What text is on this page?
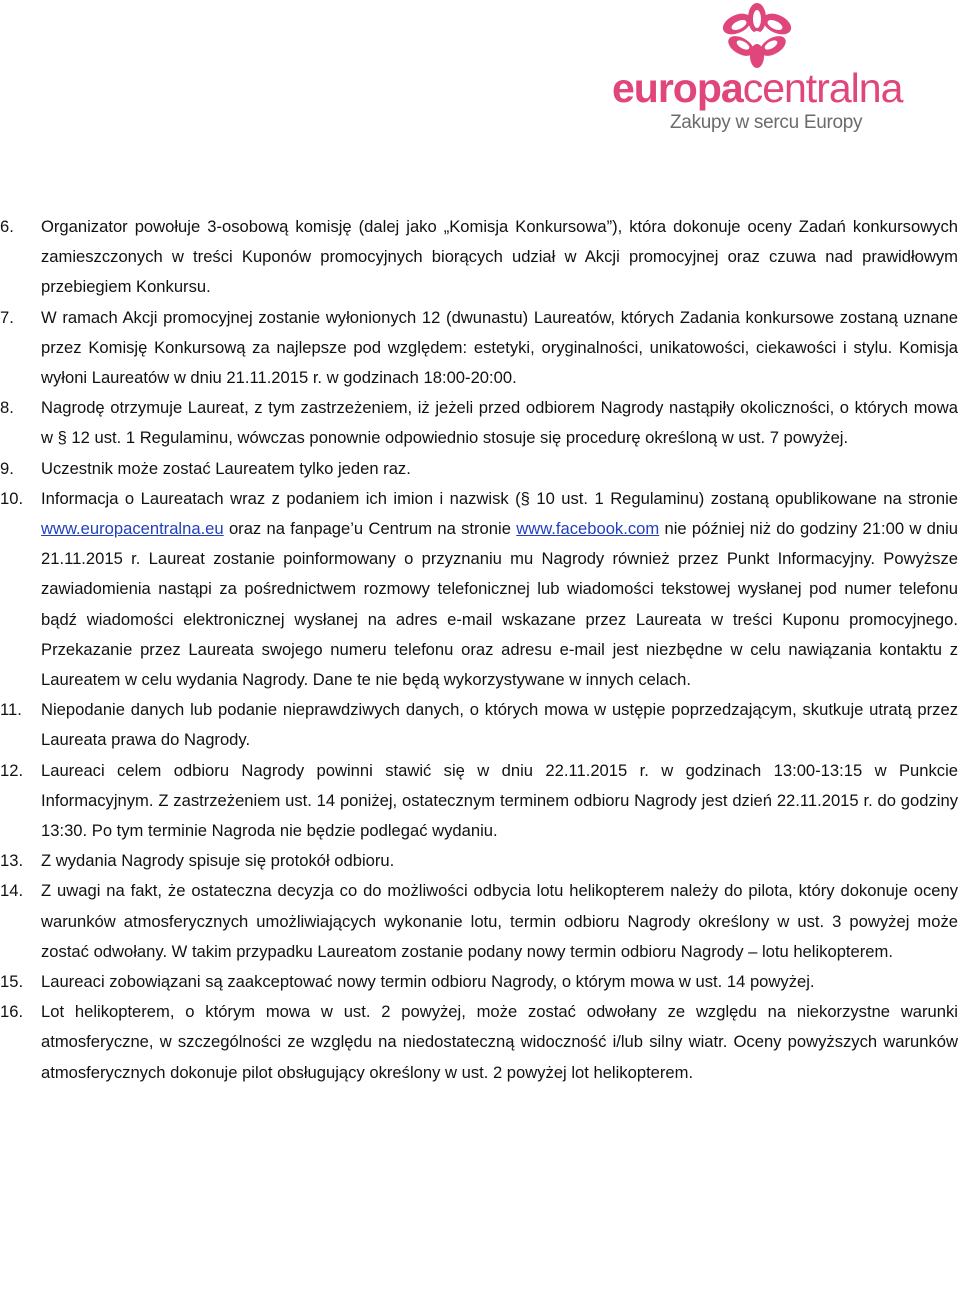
europacentralna
Zakupy w sercu Europy
6.	Organizator powołuje 3-osobową komisję (dalej jako „Komisja Konkursowa”), która dokonuje oceny Zadań konkursowych zamieszczonych w treści Kuponów promocyjnych biorących udział w Akcji promocyjnej oraz czuwa nad prawidłowym przebiegiem Konkursu.
7.	W ramach Akcji promocyjnej zostanie wyłonionych 12 (dwunastu) Laureatów, których Zadania konkursowe zostaną uznane przez Komisję Konkursową za najlepsze pod względem: estetyki, oryginalności, unikatowości, ciekawości i stylu. Komisja wyłoni Laureatów w dniu 21.11.2015 r. w godzinach 18:00-20:00.
8.	Nagrodę otrzymuje Laureat, z tym zastrzeżeniem, iż jeżeli przed odbiorem Nagrody nastąpiły okoliczności, o których mowa w § 12 ust. 1 Regulaminu, wówczas ponownie odpowiednio stosuje się procedurę określoną w ust. 7 powyżej.
9.	Uczestnik może zostać Laureatem tylko jeden raz.
10.	Informacja o Laureatach wraz z podaniem ich imion i nazwisk (§ 10 ust. 1 Regulaminu) zostaną opublikowane na stronie www.europacentralna.eu oraz na fanpage’u Centrum na stronie www.facebook.com nie później niż do godziny 21:00 w dniu 21.11.2015 r. Laureat zostanie poinformowany o przyznaniu mu Nagrody również przez Punkt Informacyjny. Powyższe zawiadomienia nastąpi za pośrednictwem rozmowy telefonicznej lub wiadomości tekstowej wysłanej pod numer telefonu bądź wiadomości elektronicznej wysłanej na adres e-mail wskazane przez Laureata w treści Kuponu promocyjnego. Przekazanie przez Laureata swojego numeru telefonu oraz adresu e-mail jest niezbędne w celu nawiązania kontaktu z Laureatem w celu wydania Nagrody. Dane te nie będą wykorzystywane w innych celach.
11.	Niepodanie danych lub podanie nieprawdziwych danych, o których mowa w ustępie poprzedzającym, skutkuje utratą przez Laureata prawa do Nagrody.
12.	Laureaci celem odbioru Nagrody powinni stawić się w dniu 22.11.2015 r. w godzinach 13:00-13:15 w Punkcie Informacyjnym. Z zastrzeżeniem ust. 14 poniżej, ostatecznym terminem odbioru Nagrody jest dzień 22.11.2015 r. do godziny 13:30. Po tym terminie Nagroda nie będzie podlegać wydaniu.
13.	Z wydania Nagrody spisuje się protokół odbioru.
14.	Z uwagi na fakt, że ostateczna decyzja co do możliwości odbycia lotu helikopterem należy do pilota, który dokonuje oceny warunków atmosferycznych umożliwiających wykonanie lotu, termin odbioru Nagrody określony w ust. 3 powyżej może zostać odwołany. W takim przypadku Laureatom zostanie podany nowy termin odbioru Nagrody – lotu helikopterem.
15.	Laureaci zobowiązani są zaakceptować nowy termin odbioru Nagrody, o którym mowa w ust. 14 powyżej.
16.	Lot helikopterem, o którym mowa w ust. 2 powyżej, może zostać odwołany ze względu na niekorzystne warunki atmosferyczne, w szczególności ze względu na niedostateczną widoczność i/lub silny wiatr. Oceny powyższych warunków atmosferycznych dokonuje pilot obsługujący określony w ust. 2 powyżej lot helikopterem.
